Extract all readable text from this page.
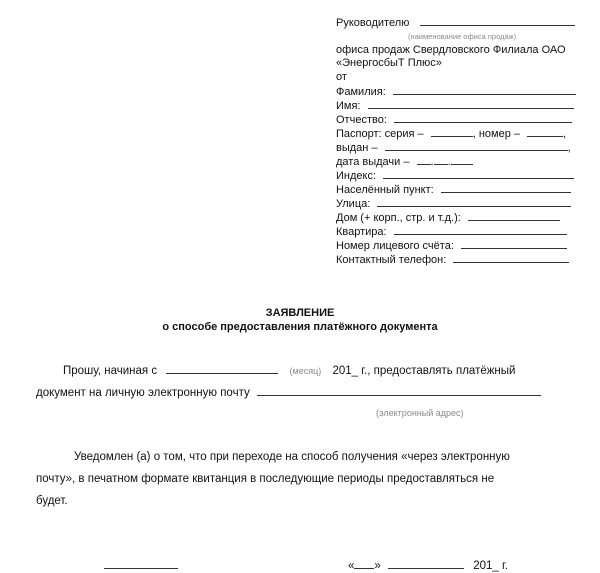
Руководителю
(наименование офиса продаж)
офиса продаж Свердловского Филиала ОАО
«ЭнергосбыТ Плюс»
от
Фамилия:
Имя:
Отчество:
Паспорт: серия –	, номер –	,
выдан –	,
дата выдачи – . .
Индекс:
Населённый пункт:
Улица:
Дом (+ корп., стр. и т.д.):
Квартира:
Номер лицевого счёта:
Контактный телефон:
ЗАЯВЛЕНИЕ
о способе предоставления платёжного документа
Прошу, начиная с	(месяц) 201_ г., предоставлять платёжный
документ на личную электронную почту
(электронный адрес)
Уведомлен (а) о том, что при переходе на способ получения «через электронную
почту», в печатном формате квитанция в последующие периоды предоставляться не
будет.
« »	201_ г.
